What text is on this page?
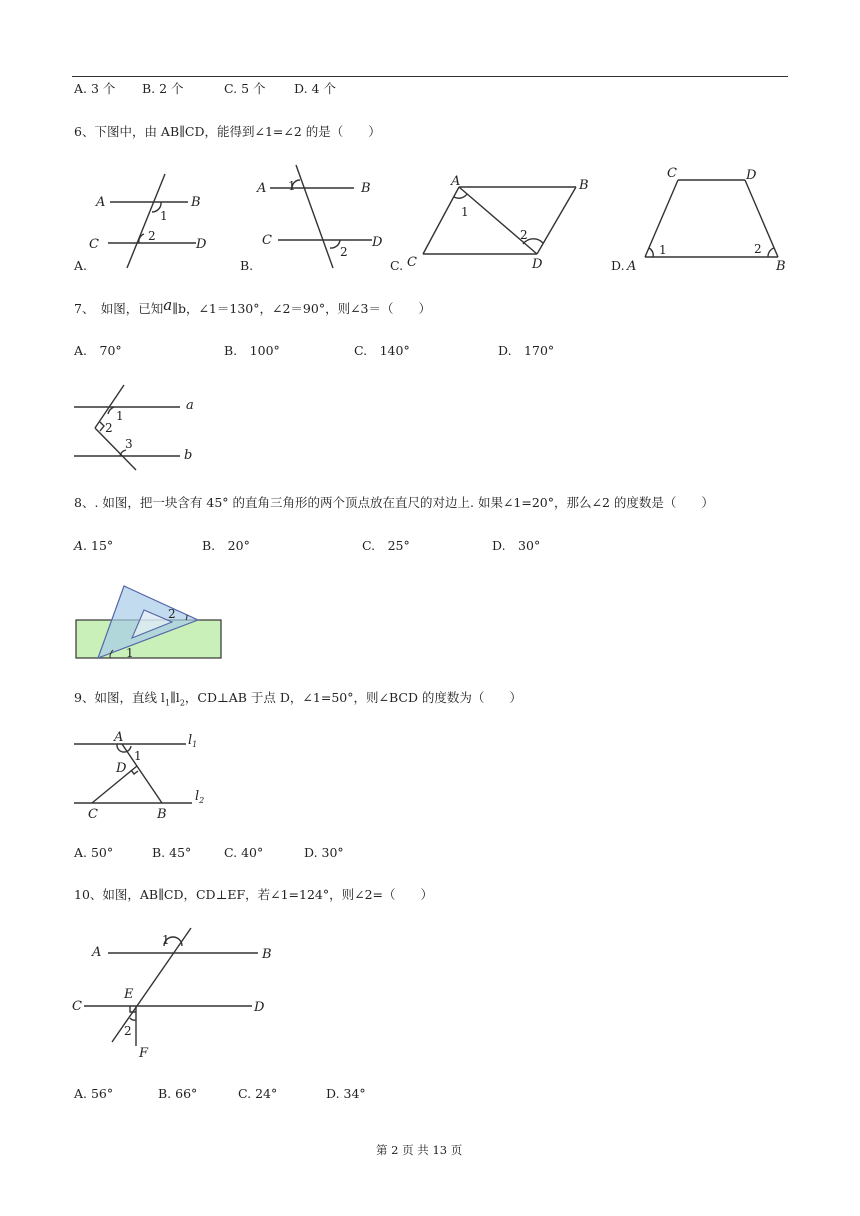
A. 3 个 B. 2 个	C. 5 个 D. 4 个
6、下图中，由 AB∥CD，能得到∠1=∠2 的是（　　）
A	B
C	D
1
2
A 1	B
C	D
2
A	B
C	D
1
2
C	D
A	B
1	2
A.	B.	C.	D.
7、　如图，已知a∥b，∠1＝130°，∠2＝90°，则∠3＝（　　）
A.　70°	B.　100°	C.　140°	D.　170°
a
b
1
2
3
8、. 如图，把一块含有 45° 的直角三角形的两个顶点放在直尺的对边上. 如果∠1=20°，那么∠2 的度数是（　　）
A. 15°	B.　20°	C.　25°	D.　30°
2
1
9、如图，直线 $l_1\parallel l_2$，CD⊥AB 于点 D，∠1=50°，则∠BCD 的度数为（　　）
A
1
D
C	B
$l_1$
$l_2$
A. 50°	B. 45°	C. 40°	D. 30°
10、如图，AB∥CD，CD⊥EF，若∠1=124°，则∠2=（　　）
A	B
C	D
E
F
1
2
A. 56°	B. 66°	C. 24°	D. 34°
第 2 页 共 13 页
